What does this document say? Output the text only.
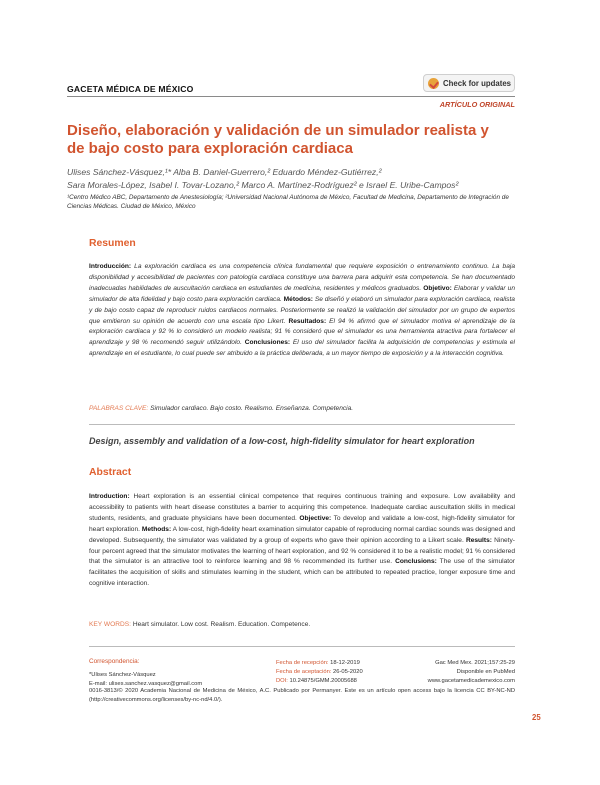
GACETA MÉDICA DE MÉXICO
Check for updates
ARTÍCULO ORIGINAL
Diseño, elaboración y validación de un simulador realista y de bajo costo para exploración cardiaca
Ulises Sánchez-Vásquez,¹* Alba B. Daniel-Guerrero,² Eduardo Méndez-Gutiérrez,²
Sara Morales-López, Isabel I. Tovar-Lozano,² Marco A. Martínez-Rodríguez² e Israel E. Uribe-Campos²
¹Centro Médico ABC, Departamento de Anestesiología; ²Universidad Nacional Autónoma de México, Facultad de Medicina, Departamento de Integración de Ciencias Médicas. Ciudad de México, México
Resumen
Introducción: La exploración cardiaca es una competencia clínica fundamental que requiere exposición o entrenamiento continuo. La baja disponibilidad y accesibilidad de pacientes con patología cardiaca constituye una barrera para adquirir esta competencia. Se han documentado inadecuadas habilidades de auscultación cardiaca en estudiantes de medicina, residentes y médicos graduados. Objetivo: Elaborar y validar un simulador de alta fidelidad y bajo costo para exploración cardiaca. Métodos: Se diseñó y elaboró un simulador para exploración cardiaca, realista y de bajo costo capaz de reproducir ruidos cardiacos normales. Posteriormente se realizó la validación del simulador por un grupo de expertos que emitieron su opinión de acuerdo con una escala tipo Likert. Resultados: El 94 % afirmó que el simulador motiva el aprendizaje de la exploración cardiaca y 92 % lo consideró un modelo realista; 91 % consideró que el simulador es una herramienta atractiva para fortalecer el aprendizaje y 98 % recomendó seguir utilizándolo. Conclusiones: El uso del simulador facilita la adquisición de competencias y estimula el aprendizaje en el estudiante, lo cual puede ser atribuido a la práctica deliberada, a un mayor tiempo de exposición y a la interacción cognitiva.
PALABRAS CLAVE: Simulador cardiaco. Bajo costo. Realismo. Enseñanza. Competencia.
Design, assembly and validation of a low-cost, high-fidelity simulator for heart exploration
Abstract
Introduction: Heart exploration is an essential clinical competence that requires continuous training and exposure. Low availability and accessibility to patients with heart disease constitutes a barrier to acquiring this competence. Inadequate cardiac auscultation skills in medical students, residents, and graduate physicians have been documented. Objective: To develop and validate a low-cost, high-fidelity simulator for heart exploration. Methods: A low-cost, high-fidelity heart examination simulator capable of reproducing normal cardiac sounds was designed and developed. Subsequently, the simulator was validated by a group of experts who gave their opinion according to a Likert scale. Results: Ninety-four percent agreed that the simulator motivates the learning of heart exploration, and 92 % considered it to be a realistic model; 91 % considered that the simulator is an attractive tool to reinforce learning and 98 % recommended its further use. Conclusions: The use of the simulator facilitates the acquisition of skills and stimulates learning in the student, which can be attributed to repeated practice, longer exposure time and cognitive interaction.
KEY WORDS: Heart simulator. Low cost. Realism. Education. Competence.
Correspondencia:
*Ulises Sánchez-Vásquez
E-mail: ulises.sanchez.vasquez@gmail.com
Fecha de recepción: 18-12-2019
Fecha de aceptación: 26-05-2020
DOI: 10.24875/GMM.20005688
Gac Med Mex. 2021;157:25-29
Disponible en PubMed
www.gacetamedicademexico.com
0016-3813/© 2020 Academia Nacional de Medicina de México, A.C. Publicado por Permanyer. Este es un artículo open access bajo la licencia CC BY-NC-ND (http://creativecommons.org/licenses/by-nc-nd/4.0/).
25
